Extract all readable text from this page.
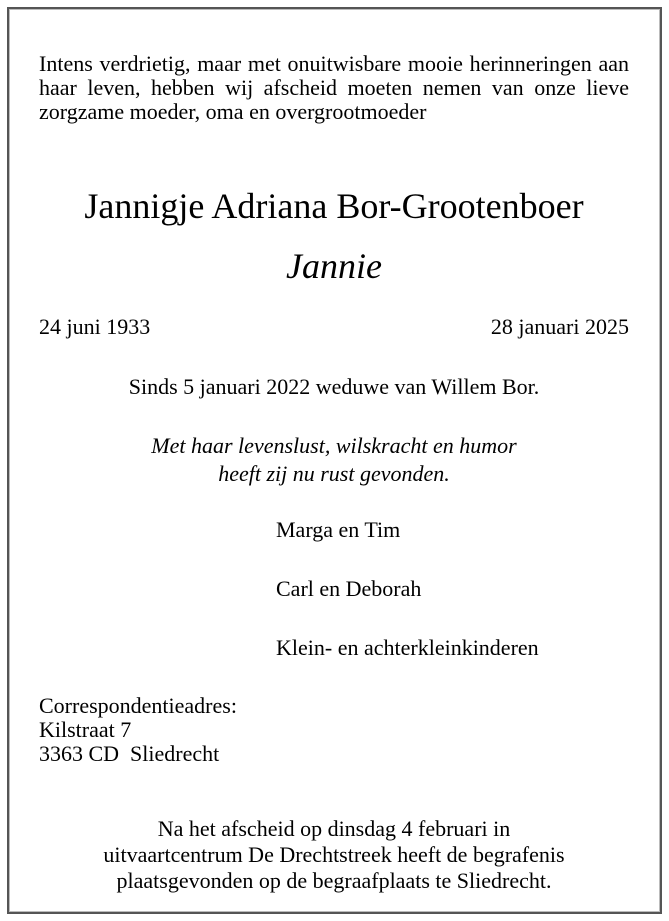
Intens verdrietig, maar met onuitwisbare mooie herinneringen aan haar leven, hebben wij afscheid moeten nemen van onze lieve zorgzame moeder, oma en overgrootmoeder
Jannigje Adriana Bor-Grootenboer
Jannie
24 juni 1933	28 januari 2025
Sinds 5 januari 2022 weduwe van Willem Bor.
Met haar levenslust, wilskracht en humor
heeft zij nu rust gevonden.
Marga en Tim
Carl en Deborah
Klein- en achterkleinkinderen
Correspondentieadres:
Kilstraat 7
3363 CD  Sliedrecht
Na het afscheid op dinsdag 4 februari in
uitvaartcentrum De Drechtstreek heeft de begrafenis
plaatsgevonden op de begraafplaats te Sliedrecht.
